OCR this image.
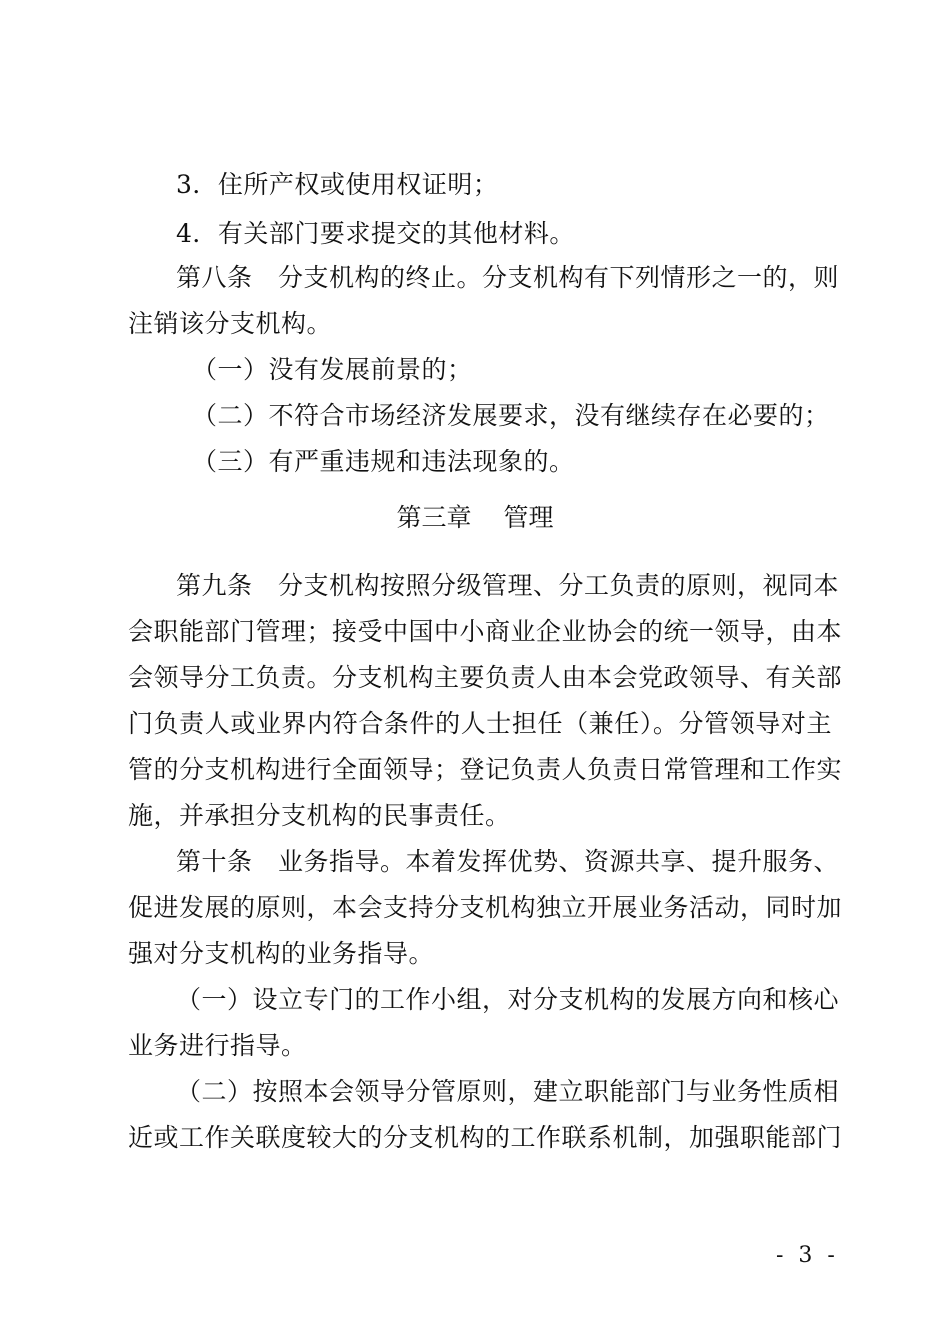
3．住所产权或使用权证明；
4．有关部门要求提交的其他材料。
第八条　分支机构的终止。分支机构有下列情形之一的，则
注销该分支机构。
（一）没有发展前景的；
（二）不符合市场经济发展要求，没有继续存在必要的；
（三）有严重违规和违法现象的。
第三章 管理
第九条　分支机构按照分级管理、分工负责的原则，视同本
会职能部门管理；接受中国中小商业企业协会的统一领导，由本
会领导分工负责。分支机构主要负责人由本会党政领导、有关部
门负责人或业界内符合条件的人士担任（兼任）。分管领导对主
管的分支机构进行全面领导；登记负责人负责日常管理和工作实
施，并承担分支机构的民事责任。
第十条　业务指导。本着发挥优势、资源共享、提升服务、
促进发展的原则，本会支持分支机构独立开展业务活动，同时加
强对分支机构的业务指导。
（一）设立专门的工作小组，对分支机构的发展方向和核心
业务进行指导。
（二）按照本会领导分管原则，建立职能部门与业务性质相
近或工作关联度较大的分支机构的工作联系机制，加强职能部门
- 3 -
